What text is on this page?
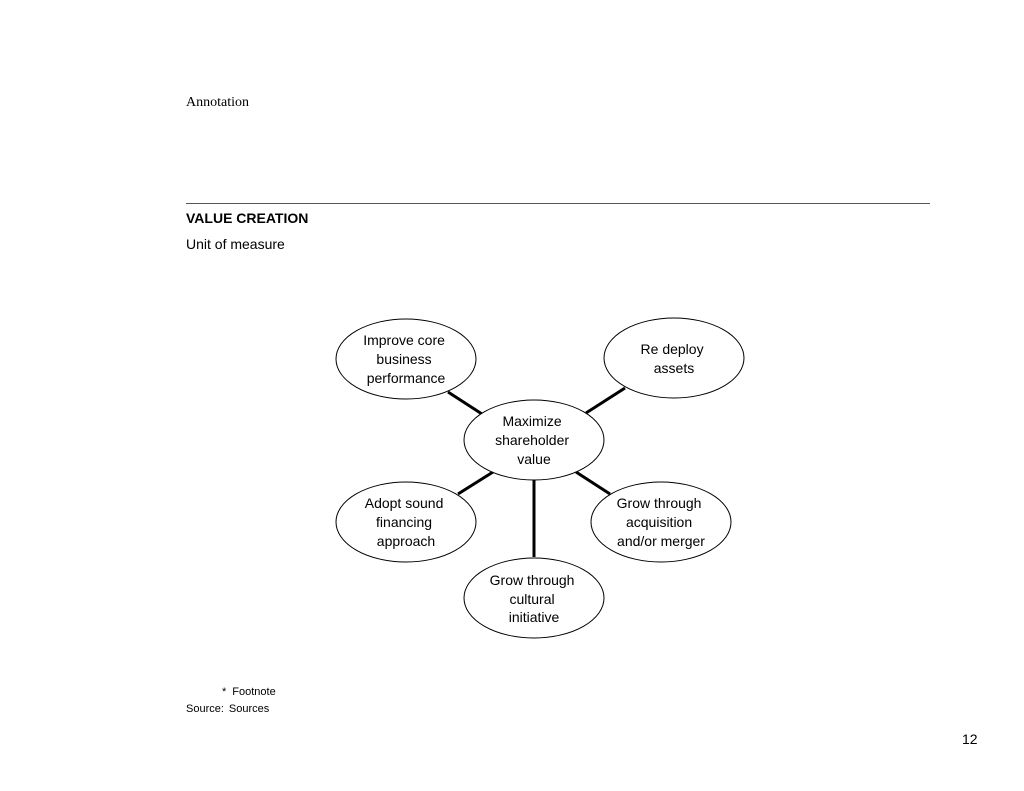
Annotation
VALUE CREATION
Unit of measure
Maximize shareholder value
Improve core business performance
Re deploy assets
Adopt sound financing approach
Grow through cultural initiative
Grow through acquisition and/or merger
* Footnote
Source: Sources
12
